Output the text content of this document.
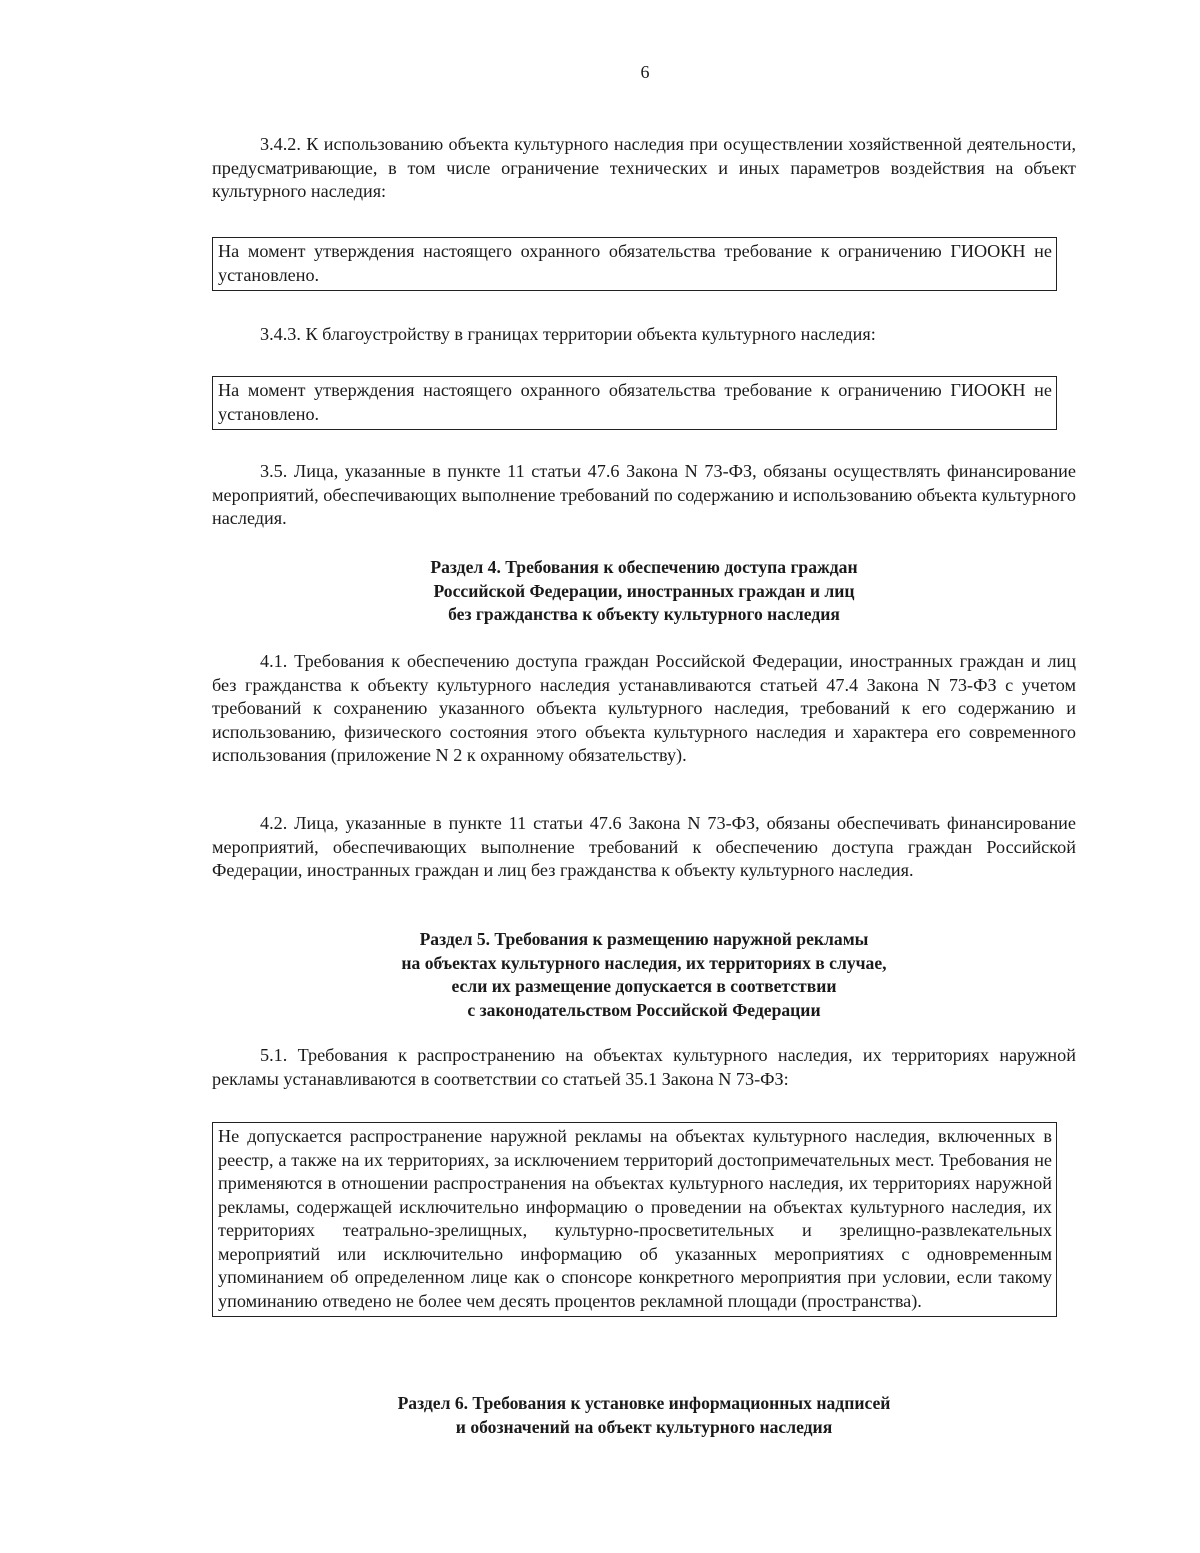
6

3.4.2. К использованию объекта культурного наследия при осуществлении хозяйственной деятельности, предусматривающие, в том числе ограничение технических и иных параметров воздействия на объект культурного наследия:

На момент утверждения настоящего охранного обязательства требование к ограничению ГИООКН не установлено.

3.4.3. К благоустройству в границах территории объекта культурного наследия:

На момент утверждения настоящего охранного обязательства требование к ограничению ГИООКН не установлено.

3.5. Лица, указанные в пункте 11 статьи 47.6 Закона N 73-ФЗ, обязаны осуществлять финансирование мероприятий, обеспечивающих выполнение требований по содержанию и использованию объекта культурного наследия.

Раздел 4. Требования к обеспечению доступа граждан
Российской Федерации, иностранных граждан и лиц
без гражданства к объекту культурного наследия

4.1. Требования к обеспечению доступа граждан Российской Федерации, иностранных граждан и лиц без гражданства к объекту культурного наследия устанавливаются статьей 47.4 Закона N 73-ФЗ с учетом требований к сохранению указанного объекта культурного наследия, требований к его содержанию и использованию, физического состояния этого объекта культурного наследия и характера его современного использования (приложение N 2 к охранному обязательству).

4.2. Лица, указанные в пункте 11 статьи 47.6 Закона N 73-ФЗ, обязаны обеспечивать финансирование мероприятий, обеспечивающих выполнение требований к обеспечению доступа граждан Российской Федерации, иностранных граждан и лиц без гражданства к объекту культурного наследия.

Раздел 5. Требования к размещению наружной рекламы
на объектах культурного наследия, их территориях в случае,
если их размещение допускается в соответствии
с законодательством Российской Федерации

5.1. Требования к распространению на объектах культурного наследия, их территориях наружной рекламы устанавливаются в соответствии со статьей 35.1 Закона N 73-ФЗ:

Не допускается распространение наружной рекламы на объектах культурного наследия, включенных в реестр, а также на их территориях, за исключением территорий достопримечательных мест. Требования не применяются в отношении распространения на объектах культурного наследия, их территориях наружной рекламы, содержащей исключительно информацию о проведении на объектах культурного наследия, их территориях театрально-зрелищных, культурно-просветительных и зрелищно-развлекательных мероприятий или исключительно информацию об указанных мероприятиях с одновременным упоминанием об определенном лице как о спонсоре конкретного мероприятия при условии, если такому упоминанию отведено не более чем десять процентов рекламной площади (пространства).
Раздел 6. Требования к установке информационных надписей
и обозначений на объект культурного наследия
